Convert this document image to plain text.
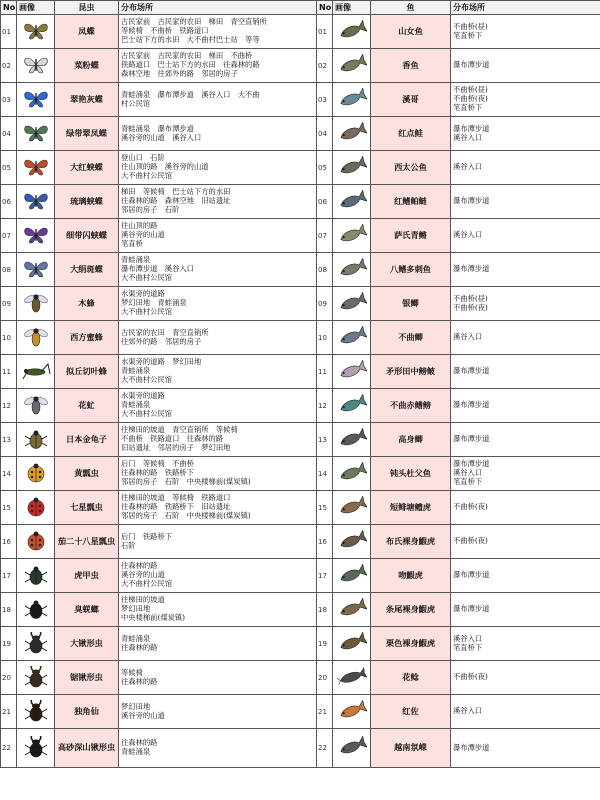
No	画像	昆虫	分布场所
01		凤蝶	古民家前　古民家的农田　梯田　青空直销所
等候椅　不曲桥　铁路道口
巴士站下方的水田　大不曲村巴士站　等等

02		菜粉蝶	古民家前　古民家的农田　梯田　不曲桥
铁路道口　巴士站下方的水田　往森林的路
森林空地　往郊外的路　邻居的房子

03		翠艳灰蝶	青蛙涌泉　瀑布潭步道　溪谷入口　大不曲
村公民馆

04		绿带翠凤蝶	青蛙涌泉　瀑布潭步道
溪谷旁的山道　溪谷入口

05		大红蛱蝶	登山口　石阶
往山顶的路　溪谷旁的山道
大不曲村公民馆

06		琉璃蛱蝶	梯田　等候椅　巴士站下方的水田
往森林的路　森林空地　旧站遗址
邻居的房子　石阶

07		细带闪蛱蝶	往山顶的路
溪谷旁的山道
笔直桥

08		大绢斑蝶	青蛙涌泉
瀑布潭步道　溪谷入口
大不曲村公民馆

09		木蜂	水渠旁的道路
梦幻田地　青蛙涌泉
大不曲村公民馆

10		西方蜜蜂	古民家的农田　青空直销所
往郊外的路　邻居的房子

11		拟丘切叶蜂	水渠旁的道路　梦幻田地
青蛙涌泉
大不曲村公民馆

12		花虻	水渠旁的道路
青蛙涌泉
大不曲村公民馆

13		日本金龟子	往梯田的坡道　青空直销所　等候椅
不曲桥　铁路道口　往森林的路
旧站遗址　邻居的房子　梦幻田地

14		黄瓢虫	后门　等候椅　不曲桥
往森林的路　铁路桥下
邻居的房子　石阶　中央楼梯前(煤炭镇)

15		七星瓢虫	往梯田的坡道　等候椅　铁路道口
往森林的路　铁路桥下　旧站遗址
邻居的房子　石阶　中央楼梯前(煤炭镇)

16		茄二十八星瓢虫	后门　铁路桥下
石阶

17		虎甲虫	往森林的路
溪谷旁的山道
大不曲村公民馆

18		臭蜣螂	往梯田的坡道
梦幻田地
中央楼梯前(煤炭镇)

19		大锹形虫	青蛙涌泉
往森林的路

20		锯锹形虫	等候椅
往森林的路

21		独角仙	梦幻田地
溪谷旁的山道

22		高砂深山锹形虫	往森林的路
青蛙涌泉
No	画像	鱼	分布场所
01		山女鱼	不曲桥(昼)
笔直桥下

02		香鱼	瀑布潭步道

03		溪哥	不曲桥(昼)
不曲桥(夜)
笔直桥下

04		红点鲑	瀑布潭步道
溪谷入口

05		西太公鱼	溪谷入口

06		红鳍鲌鲢	瀑布潭步道

07		萨氏青鳉	溪谷入口

08		八鳍多刺鱼	瀑布潭步道

09		银鲫	不曲桥(昼)
不曲桥(夜)

10		不曲鲫	溪谷入口

11		矛形田中鳑鲏	瀑布潭步道

12		不曲赤鳍鳑	瀑布潭步道

13		高身鲫	瀑布潭步道

14		钝头杜父鱼	瀑布潭步道
溪谷入口
笔直桥下

15		短鲱塘鳢虎	不曲桥(夜)

16		布氏裸身鰕虎	不曲桥(夜)

17		吻鰕虎	瀑布潭步道

18		条尾裸身鰕虎	瀑布潭步道

19		栗色裸身鰕虎	溪谷入口
笔直桥下

20		花鲶	不曲桥(夜)

21		红佐	溪谷入口

22		越南氛嵘	瀑布潭步道
